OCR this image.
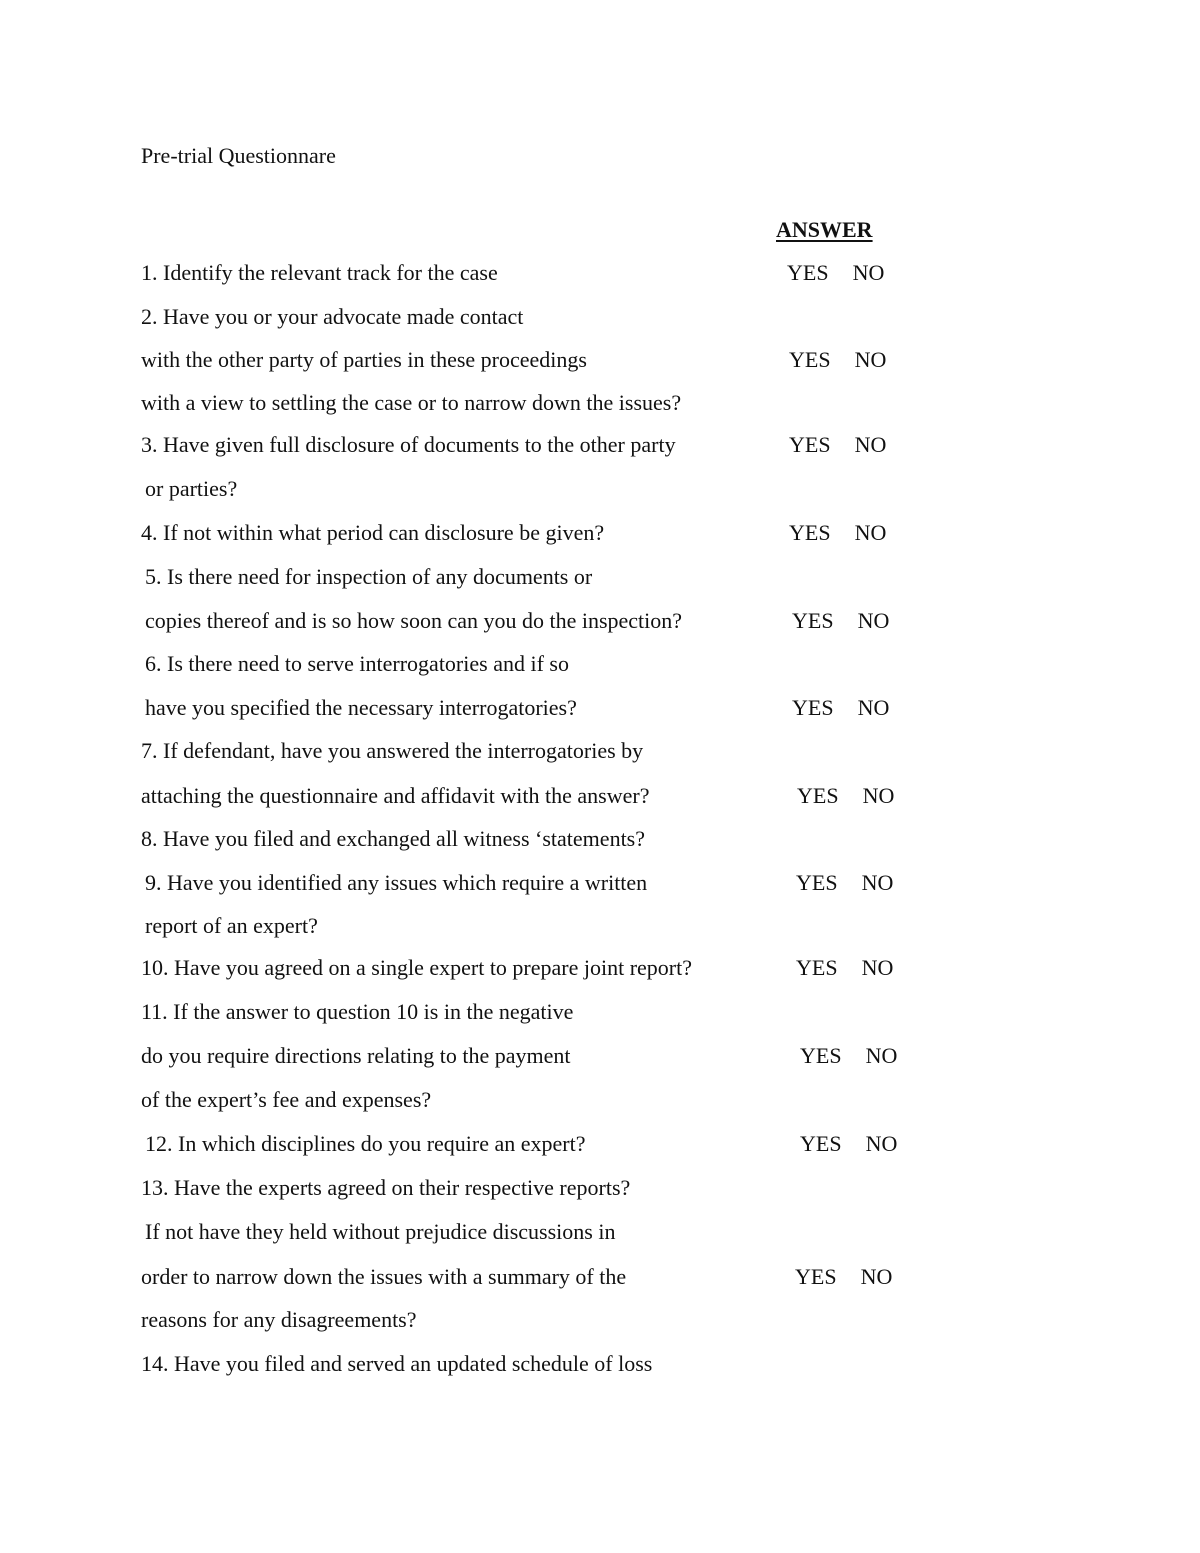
Pre-trial Questionnare
ANSWER
1. Identify the relevant track for the case
2. Have you or your advocate made contact
with the other party of parties in these proceedings
with a view to settling the case or to narrow down the issues?
3. Have given full disclosure of documents to the other party
or parties?
4. If not within what period can disclosure be given?
5. Is there need for inspection of any documents or
copies thereof and is so how soon can you do the inspection?
6. Is there need to serve interrogatories and if so
have you specified the necessary interrogatories?
7. If defendant, have you answered the interrogatories by
attaching the questionnaire and affidavit with the answer?
8. Have you filed and exchanged all witness ‘statements?
9. Have you identified any issues which require a written
report of an expert?
10. Have you agreed on a single expert to prepare joint report?
11. If the answer to question 10 is in the negative
do you require directions relating to the payment
of the expert’s fee and expenses?
12. In which disciplines do you require an expert?
13. Have the experts agreed on their respective reports?
If not have they held without prejudice discussions in
order to narrow down the issues with a summary of the
reasons for any disagreements?
14. Have you filed and served an updated schedule of loss
YES NO
YES NO
YES NO
YES NO
YES NO
YES NO
YES NO
YES NO
YES NO
YES NO
YES NO
YES NO
